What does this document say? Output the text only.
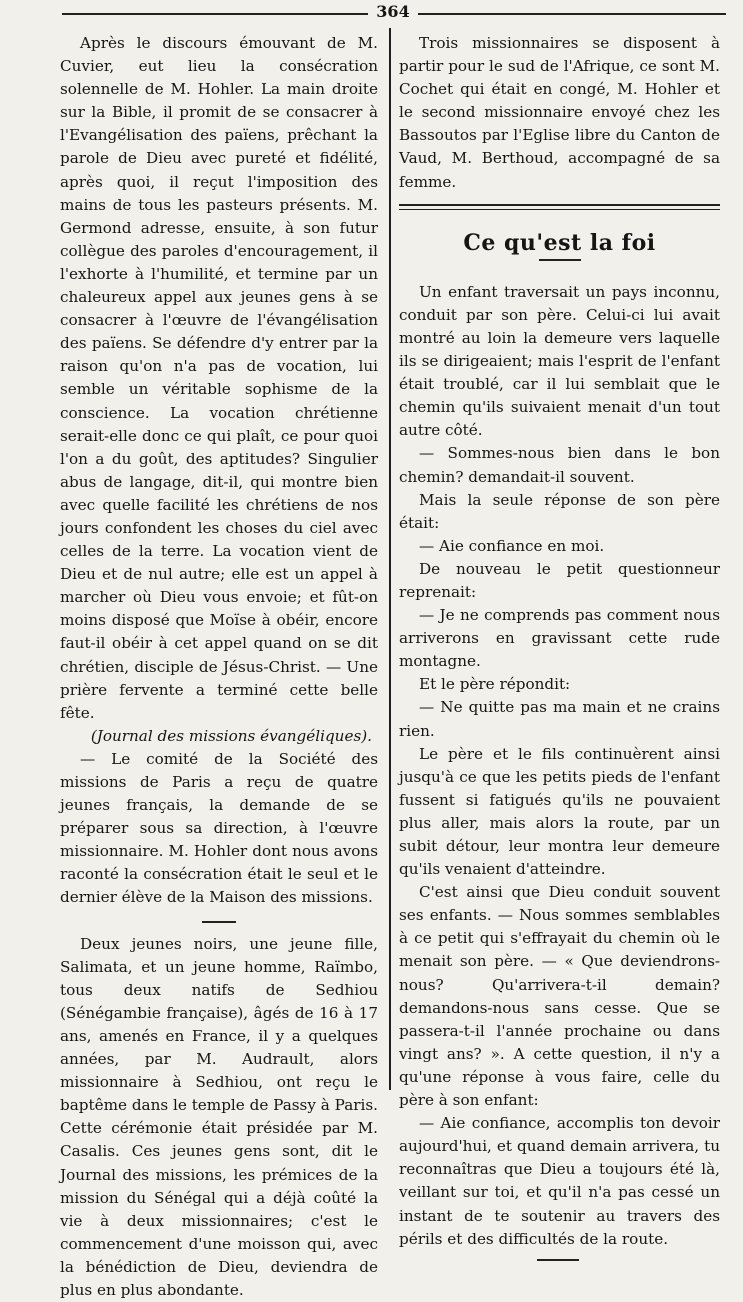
364

Après le discours émouvant de M. Cuvier, eut lieu la consécration solennelle de M. Hohler. La main droite sur la Bible, il promit de se consacrer à l'Evangélisation des païens, prêchant la parole de Dieu avec pureté et fidélité, après quoi, il reçut l'imposition des mains de tous les pasteurs présents. M. Germond adresse, ensuite, à son futur collègue des paroles d'encouragement, il l'exhorte à l'humilité, et termine par un chaleureux appel aux jeunes gens à se consacrer à l'œuvre de l'évangélisation des païens. Se défendre d'y entrer par la raison qu'on n'a pas de vocation, lui semble un véritable sophisme de la conscience. La vocation chrétienne serait-elle donc ce qui plaît, ce pour quoi l'on a du goût, des aptitudes? Singulier abus de langage, dit-il, qui montre bien avec quelle facilité les chrétiens de nos jours confondent les choses du ciel avec celles de la terre. La vocation vient de Dieu et de nul autre; elle est un appel à marcher où Dieu vous envoie; et fût-on moins disposé que Moïse à obéir, encore faut-il obéir à cet appel quand on se dit chrétien, disciple de Jésus-Christ. — Une prière fervente a terminé cette belle fête.

(Journal des missions évangéliques).

— Le comité de la Société des missions de Paris a reçu de quatre jeunes français, la demande de se préparer sous sa direction, à l'œuvre missionnaire. M. Hohler dont nous avons raconté la consécration était le seul et le dernier élève de la Maison des missions.

Deux jeunes noirs, une jeune fille, Salimata, et un jeune homme, Raïmbo, tous deux natifs de Sedhiou (Sénégambie française), âgés de 16 à 17 ans, amenés en France, il y a quelques années, par M. Audrault, alors missionnaire à Sedhiou, ont reçu le baptême dans le temple de Passy à Paris. Cette cérémonie était présidée par M. Casalis. Ces jeunes gens sont, dit le Journal des missions, les prémices de la mission du Sénégal qui a déjà coûté la vie à deux missionnaires; c'est le commencement d'une moisson qui, avec la bénédiction de Dieu, deviendra de plus en plus abondante.

Trois missionnaires se disposent à partir pour le sud de l'Afrique, ce sont M. Cochet qui était en congé, M. Hohler et le second missionnaire envoyé chez les Bassoutos par l'Eglise libre du Canton de Vaud, M. Berthoud, accompagné de sa femme.

Ce qu'est la foi

Un enfant traversait un pays inconnu, conduit par son père. Celui-ci lui avait montré au loin la demeure vers laquelle ils se dirigeaient; mais l'esprit de l'enfant était troublé, car il lui semblait que le chemin qu'ils suivaient menait d'un tout autre côté.

— Sommes-nous bien dans le bon chemin? demandait-il souvent.

Mais la seule réponse de son père était:

— Aie confiance en moi.

De nouveau le petit questionneur reprenait:

— Je ne comprends pas comment nous arriverons en gravissant cette rude montagne.

Et le père répondit:

— Ne quitte pas ma main et ne crains rien.

Le père et le fils continuèrent ainsi jusqu'à ce que les petits pieds de l'enfant fussent si fatigués qu'ils ne pouvaient plus aller, mais alors la route, par un subit détour, leur montra leur demeure qu'ils venaient d'atteindre.

C'est ainsi que Dieu conduit souvent ses enfants. — Nous sommes semblables à ce petit qui s'effrayait du chemin où le menait son père. — « Que deviendrons-nous? Qu'arrivera-t-il demain? demandons-nous sans cesse. Que se passera-t-il l'année prochaine ou dans vingt ans? ». A cette question, il n'y a qu'une réponse à vous faire, celle du père à son enfant:

— Aie confiance, accomplis ton devoir aujourd'hui, et quand demain arrivera, tu reconnaîtras que Dieu a toujours été là, veillant sur toi, et qu'il n'a pas cessé un instant de te soutenir au travers des périls et des difficultés de la route.
